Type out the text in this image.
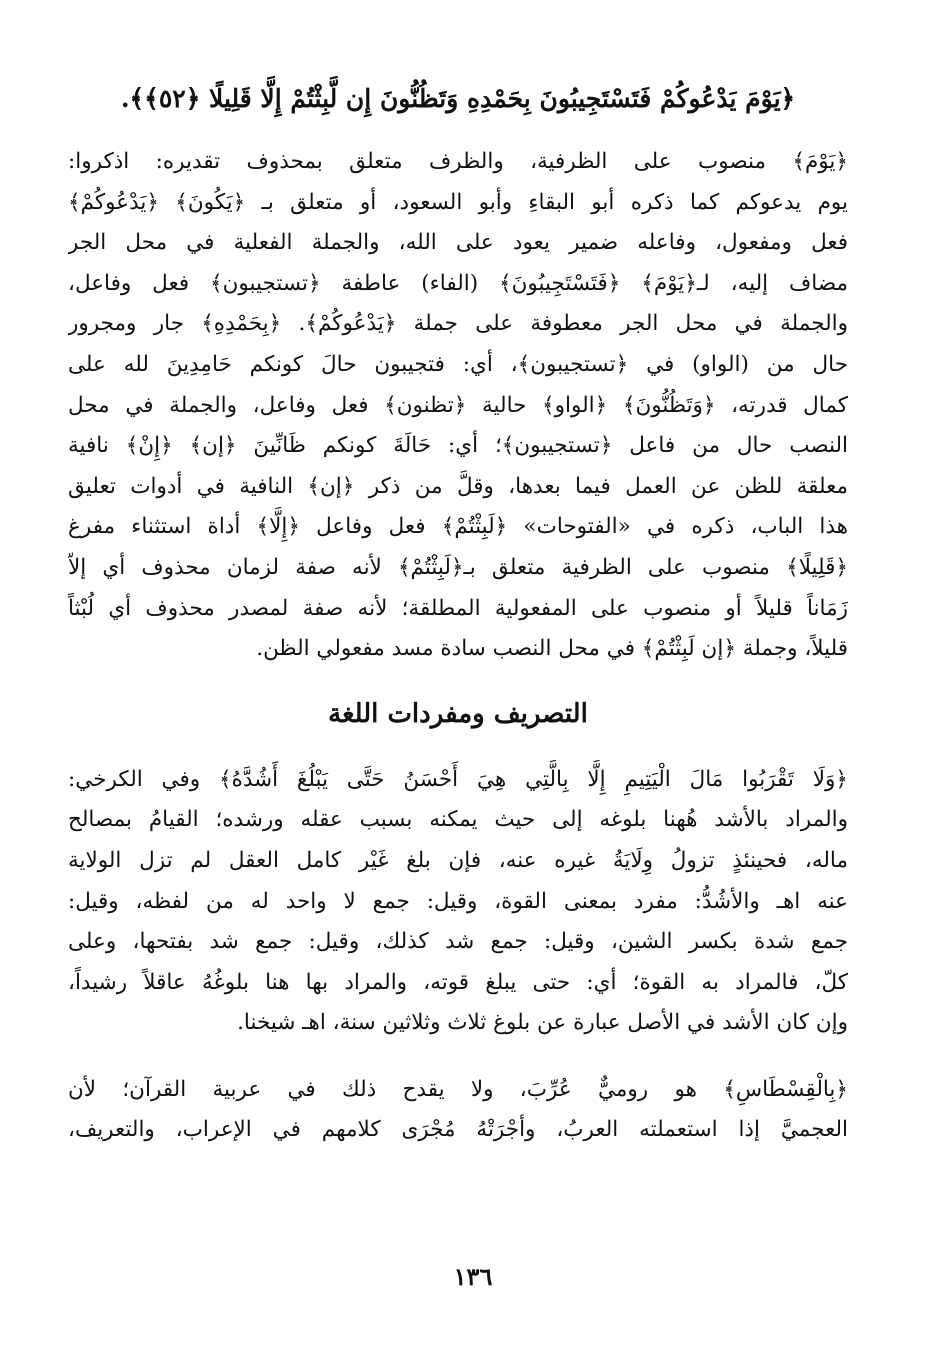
﴿يَوْمَ يَدْعُوكُمْ فَتَسْتَجِيبُونَ بِحَمْدِهِ وَتَظُنُّونَ إِن لَّبِثْتُمْ إِلَّا قَلِيلًا ﴿٥٢﴾﴾.
﴿يَوْمَ﴾ منصوب على الظرفية، والظرف متعلق بمحذوف تقديره: اذكروا:
يوم يدعوكم كما ذكره أبو البقاءِ وأبو السعود، أو متعلق بـ ﴿يَكُونَ﴾ ﴿يَدْعُوكُمْ﴾
فعل ومفعول، وفاعله ضمير يعود على الله، والجملة الفعلية في محل الجر
مضاف إليه، لـ﴿يَوْمَ﴾ ﴿فَتَسْتَجِيبُونَ﴾ (الفاء) عاطفة ﴿تستجيبون﴾ فعل وفاعل،
والجملة في محل الجر معطوفة على جملة ﴿يَدْعُوكُمْ﴾. ﴿بِحَمْدِهِ﴾ جار ومجرور
حال من (الواو) في ﴿تستجيبون﴾، أي: فتجيبون حالَ كونكم حَامِدِينَ لله على
كمال قدرته، ﴿وَتَظُنُّونَ﴾ ﴿الواو﴾ حالية ﴿تظنون﴾ فعل وفاعل، والجملة في محل
النصب حال من فاعل ﴿تستجيبون﴾؛ أي: حَالَةَ كونكم ظَانِّينَ ﴿إن﴾ ﴿إِنْ﴾ نافية
معلقة للظن عن العمل فيما بعدها، وقلَّ من ذكر ﴿إن﴾ النافية في أدوات تعليق
هذا الباب، ذكره في «الفتوحات» ﴿لَبِثْتُمْ﴾ فعل وفاعل ﴿إِلَّا﴾ أداة استثناء مفرغ
﴿قَلِيلًا﴾ منصوب على الظرفية متعلق بـ﴿لَبِثْتُمْ﴾ لأنه صفة لزمان محذوف أي إلاّ
زَمَاناً قليلاً أو منصوب على المفعولية المطلقة؛ لأنه صفة لمصدر محذوف أي لُبْثاً
قليلاً، وجملة ﴿إن لَبِثْتُمْ﴾ في محل النصب سادة مسد مفعولي الظن.
التصريف ومفردات اللغة
﴿وَلَا تَقْرَبُوا مَالَ الْيَتِيمِ إِلَّا بِالَّتِي هِيَ أَحْسَنُ حَتَّى يَبْلُغَ أَشُدَّهُ﴾ وفي الكرخي:
والمراد بالأشد هُهنا بلوغه إلى حيث يمكنه بسبب عقله ورشده؛ القيامُ بمصالح
ماله، فحينئذٍ تزولُ وِلَايَةُ غيره عنه، فإن بلغ غَيْر كامل العقل لم تزل الولاية
عنه اهـ والأشُدُّ: مفرد بمعنى القوة، وقيل: جمع لا واحد له من لفظه، وقيل:
جمع شدة بكسر الشين، وقيل: جمع شد كذلك، وقيل: جمع شد بفتحها، وعلى
كلّ، فالمراد به القوة؛ أي: حتى يبلغ قوته، والمراد بها هنا بلوغُهُ عاقلاً رشيداً،
وإن كان الأشد في الأصل عبارة عن بلوغ ثلاث وثلاثين سنة، اهـ شيخنا.
﴿بِالْقِسْطَاسِ﴾ هو روميٌّ عُرِّبَ، ولا يقدح ذلك في عربية القرآن؛ لأن
العجميَّ إذا استعملته العربُ، وأجْرَتْهُ مُجْرَى كلامهم في الإعراب، والتعريف،
١٣٦
